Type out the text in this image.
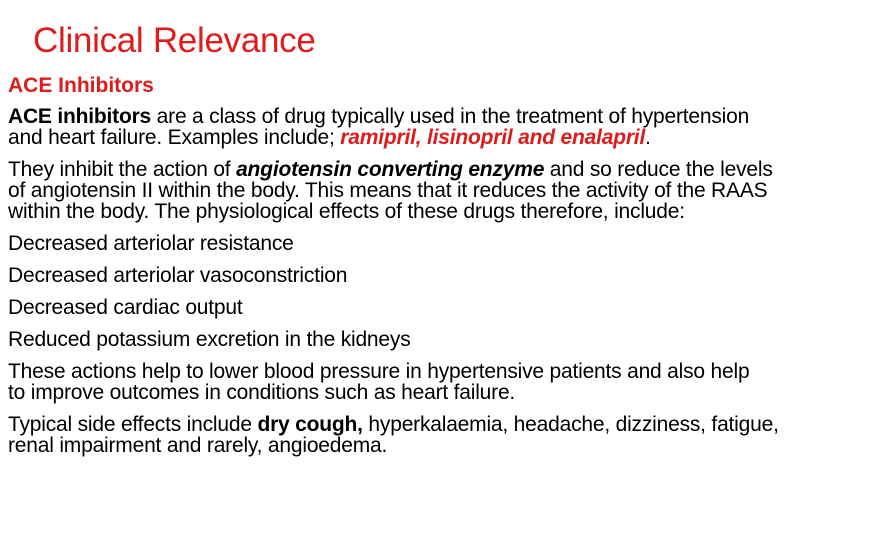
Clinical Relevance
ACE Inhibitors
ACE inhibitors are a class of drug typically used in the treatment of hypertension
and heart failure. Examples include; ramipril, lisinopril and enalapril.
They inhibit the action of angiotensin converting enzyme and so reduce the levels
of angiotensin II within the body. This means that it reduces the activity of the RAAS
within the body. The physiological effects of these drugs therefore, include:
Decreased arteriolar resistance
Decreased arteriolar vasoconstriction
Decreased cardiac output
Reduced potassium excretion in the kidneys
These actions help to lower blood pressure in hypertensive patients and also help
to improve outcomes in conditions such as heart failure.
Typical side effects include dry cough, hyperkalaemia, headache, dizziness, fatigue,
renal impairment and rarely, angioedema.
